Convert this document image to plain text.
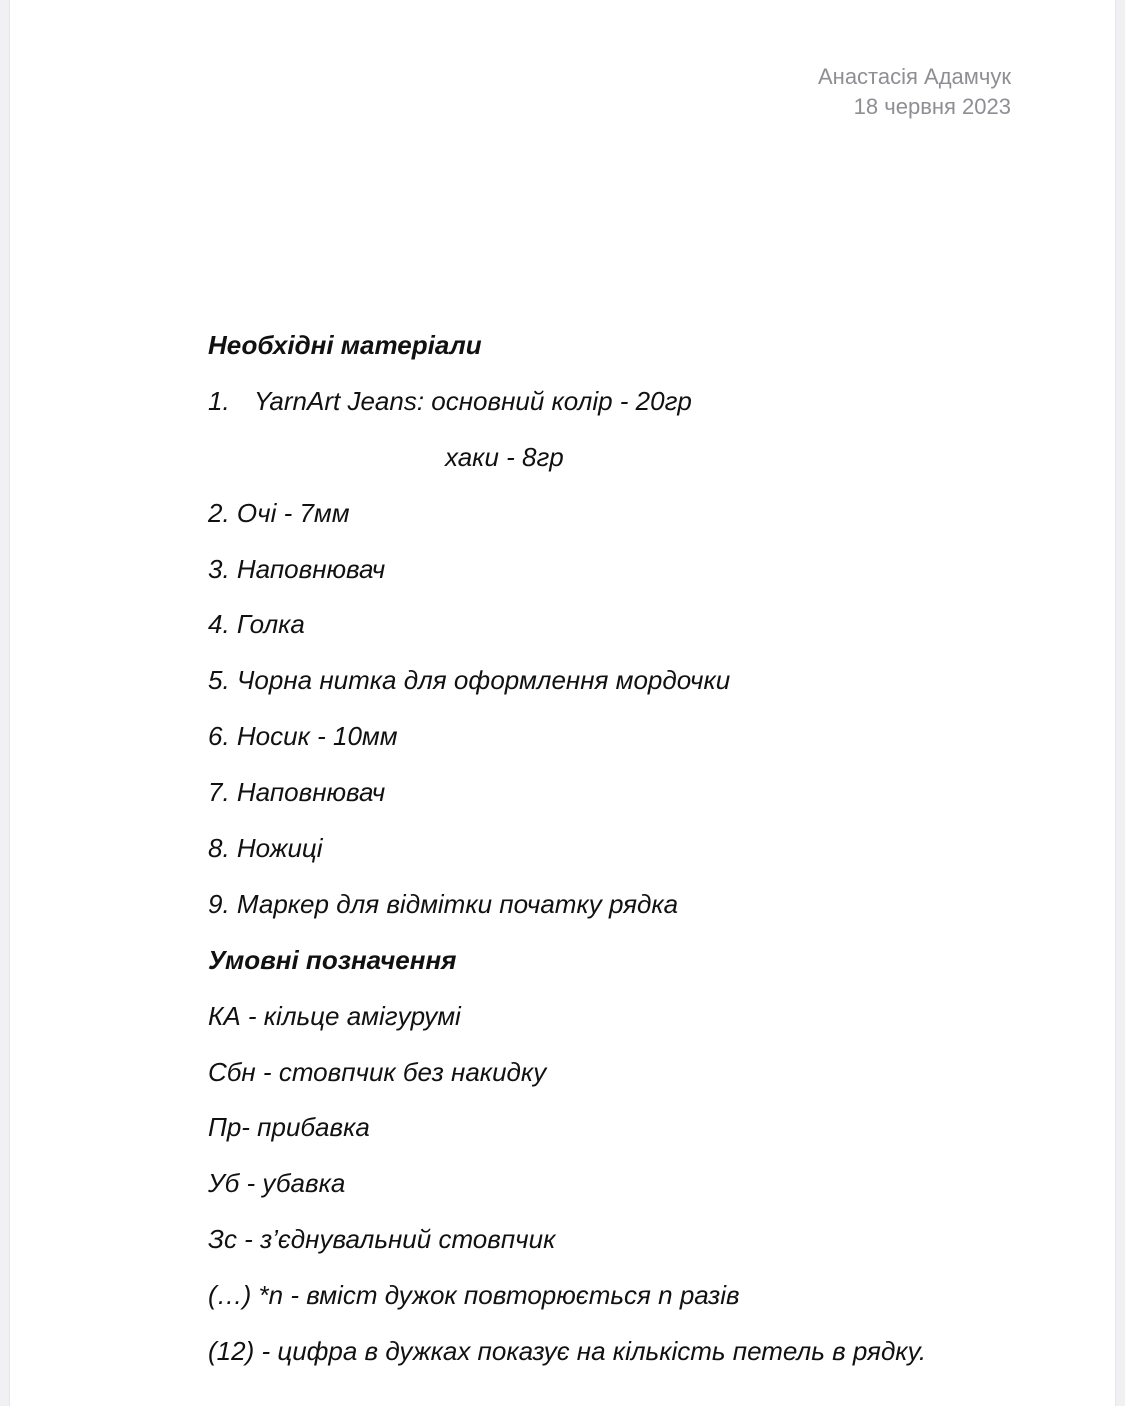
Анастасія Адамчук
18 червня 2023
Необхідні матеріали
1. YarnArt Jeans: основний колір - 20гр
хаки - 8гр
2. Очі - 7мм
3. Наповнювач
4. Голка
5. Чорна нитка для оформлення мордочки
6. Носик - 10мм
7. Наповнювач
8. Ножиці
9. Маркер для відмітки початку рядка
Умовні позначення
КА - кільце амігурумі
Сбн - стовпчик без накидку
Пр- прибавка
Уб - убавка
Зс - з’єднувальний стовпчик
(…) *n - вміст дужок повторюється n разів
(12) - цифра в дужках показує на кількість петель в рядку.
